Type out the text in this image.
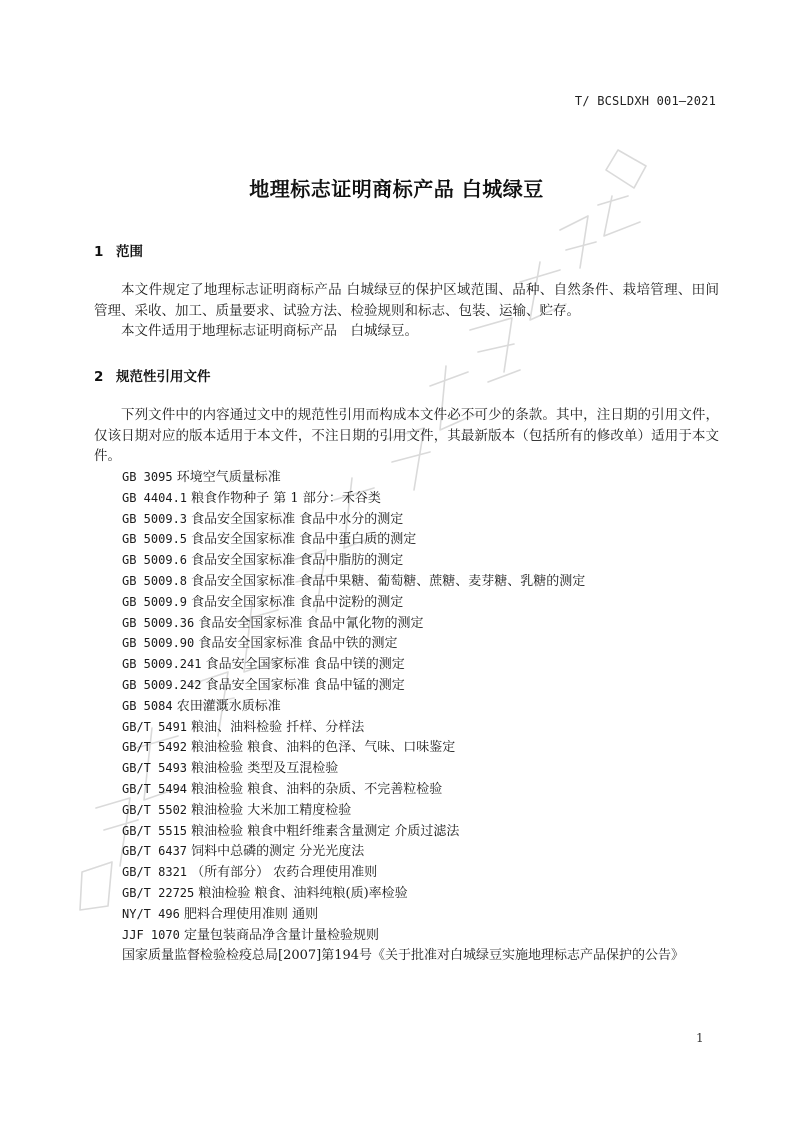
T/ BCSLDXH 001—2021
地理标志证明商标产品 白城绿豆
1 范围
本文件规定了地理标志证明商标产品 白城绿豆的保护区域范围、品种、自然条件、栽培管理、田间管理、采收、加工、质量要求、试验方法、检验规则和标志、包装、运输、贮存。
本文件适用于地理标志证明商标产品　白城绿豆。
2 规范性引用文件
下列文件中的内容通过文中的规范性引用而构成本文件必不可少的条款。其中，注日期的引用文件，仅该日期对应的版本适用于本文件，不注日期的引用文件，其最新版本（包括所有的修改单）适用于本文件。
GB 3095 环境空气质量标准
GB 4404.1 粮食作物种子 第 1 部分：禾谷类
GB 5009.3 食品安全国家标准 食品中水分的测定
GB 5009.5 食品安全国家标准 食品中蛋白质的测定
GB 5009.6 食品安全国家标准 食品中脂肪的测定
GB 5009.8 食品安全国家标准 食品中果糖、葡萄糖、蔗糖、麦芽糖、乳糖的测定
GB 5009.9 食品安全国家标准 食品中淀粉的测定
GB 5009.36 食品安全国家标准 食品中氰化物的测定
GB 5009.90 食品安全国家标准 食品中铁的测定
GB 5009.241 食品安全国家标准 食品中镁的测定
GB 5009.242 食品安全国家标准 食品中锰的测定
GB 5084 农田灌溉水质标准
GB/T 5491 粮油、油料检验 扦样、分样法
GB/T 5492 粮油检验 粮食、油料的色泽、气味、口味鉴定
GB/T 5493 粮油检验 类型及互混检验
GB/T 5494 粮油检验 粮食、油料的杂质、不完善粒检验
GB/T 5502 粮油检验 大米加工精度检验
GB/T 5515 粮油检验 粮食中粗纤维素含量测定 介质过滤法
GB/T 6437 饲料中总磷的测定 分光光度法
GB/T 8321 （所有部分） 农药合理使用准则
GB/T 22725 粮油检验 粮食、油料纯粮(质)率检验
NY/T 496 肥料合理使用准则 通则
JJF 1070 定量包装商品净含量计量检验规则
国家质量监督检验检疫总局[2007]第194号《关于批准对白城绿豆实施地理标志产品保护的公告》
1
